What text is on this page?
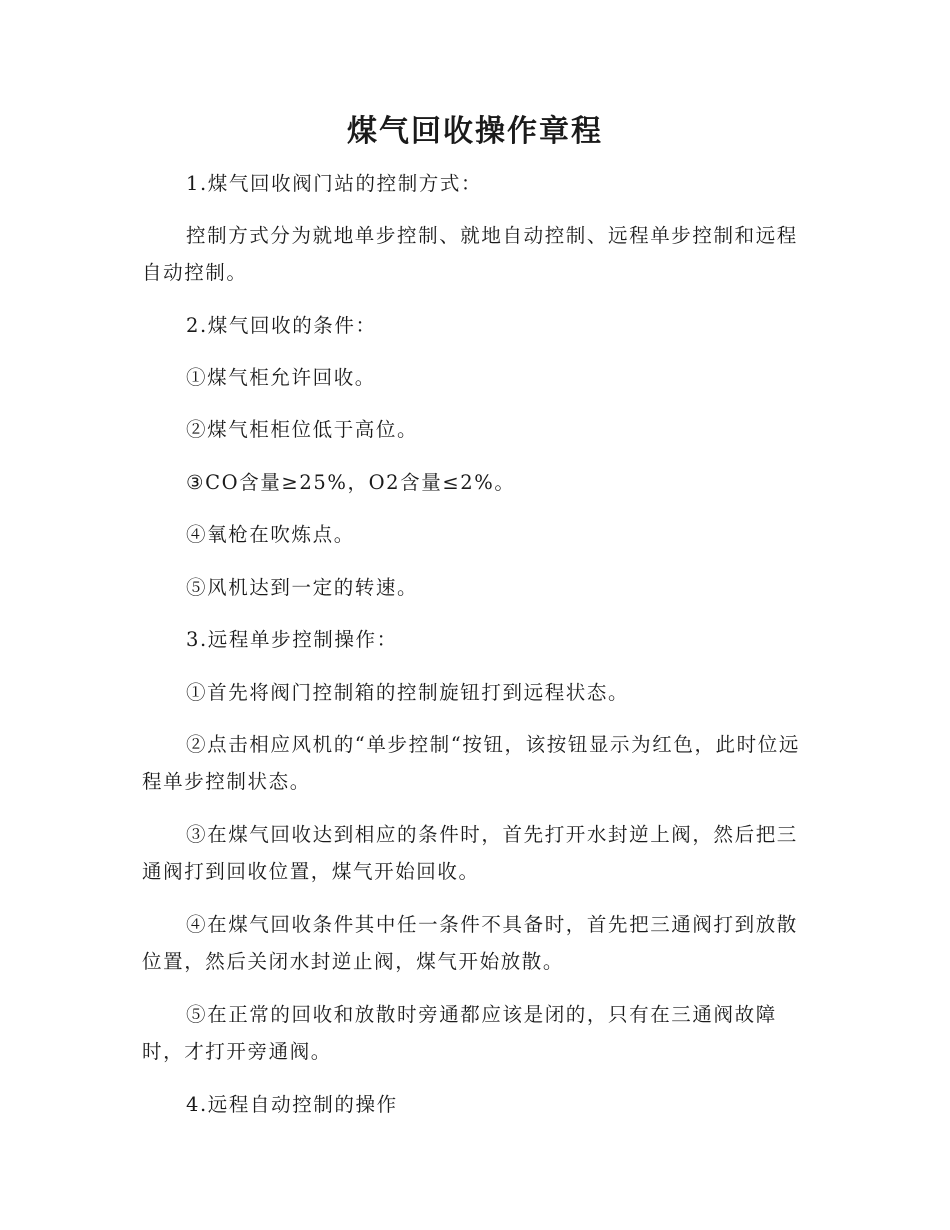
煤气回收操作章程

1.煤气回收阀门站的控制方式：

控制方式分为就地单步控制、就地自动控制、远程单步控制和远程自动控制。

2.煤气回收的条件：

①煤气柜允许回收。

②煤气柜柜位低于高位。

③CO含量≥25%，O2含量≤2%。

④氧枪在吹炼点。

⑤风机达到一定的转速。

3.远程单步控制操作：

①首先将阀门控制箱的控制旋钮打到远程状态。

②点击相应风机的“单步控制“按钮，该按钮显示为红色，此时位远程单步控制状态。

③在煤气回收达到相应的条件时，首先打开水封逆上阀，然后把三通阀打到回收位置，煤气开始回收。

④在煤气回收条件其中任一条件不具备时，首先把三通阀打到放散位置，然后关闭水封逆止阀，煤气开始放散。

⑤在正常的回收和放散时旁通都应该是闭的，只有在三通阀故障时，才打开旁通阀。

4.远程自动控制的操作
